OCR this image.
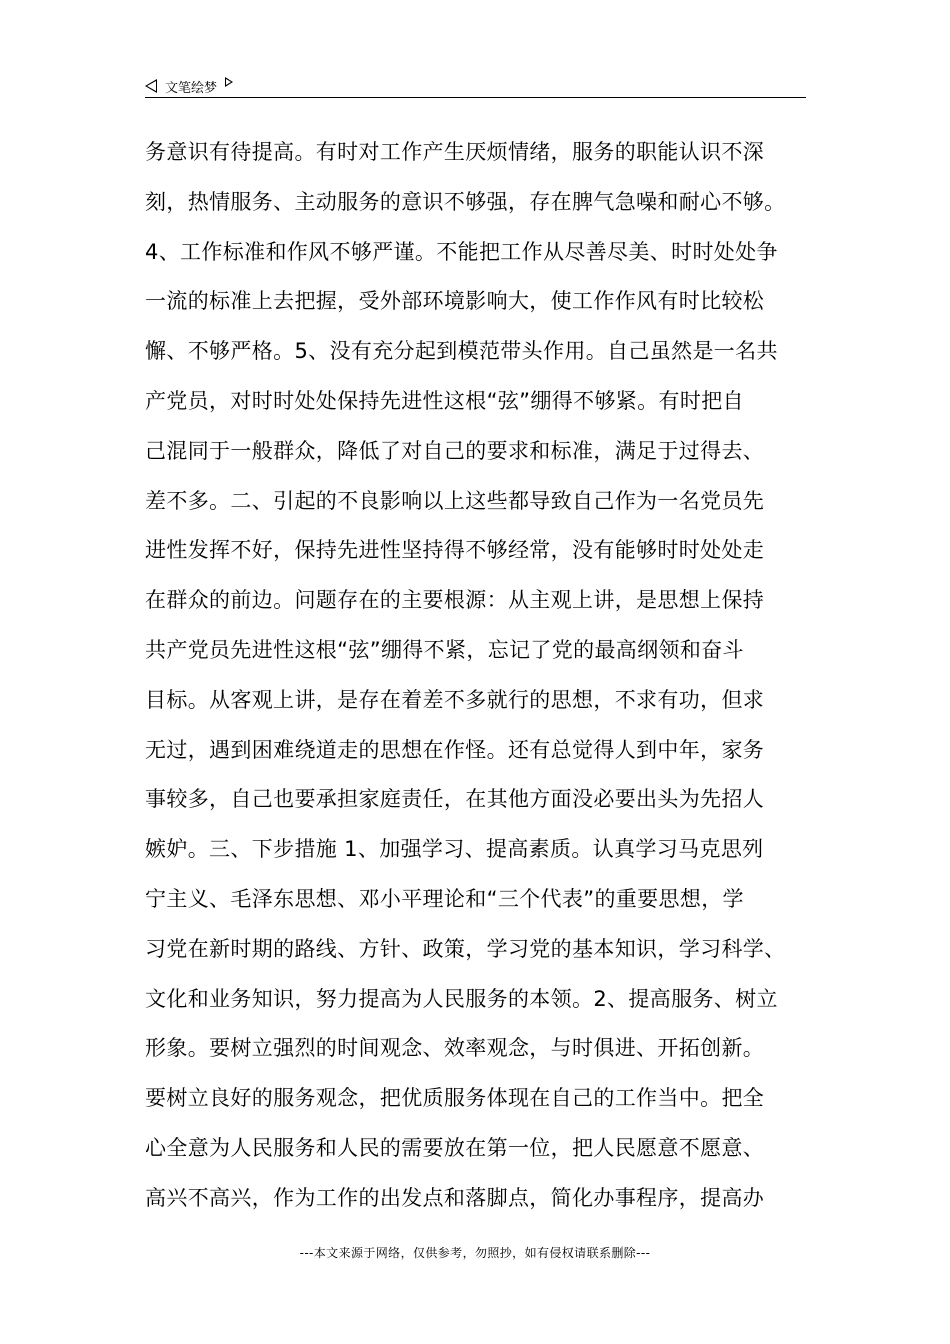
文笔绘梦
务意识有待提高。有时对工作产生厌烦情绪，服务的职能认识不深
刻，热情服务、主动服务的意识不够强，存在脾气急噪和耐心不够。
4、工作标准和作风不够严谨。不能把工作从尽善尽美、时时处处争
一流的标准上去把握，受外部环境影响大，使工作作风有时比较松
懈、不够严格。5、没有充分起到模范带头作用。自己虽然是一名共
产党员，对时时处处保持先进性这根“弦”绷得不够紧。有时把自
己混同于一般群众，降低了对自己的要求和标准，满足于过得去、
差不多。二、引起的不良影响以上这些都导致自己作为一名党员先
进性发挥不好，保持先进性坚持得不够经常，没有能够时时处处走
在群众的前边。问题存在的主要根源：从主观上讲，是思想上保持
共产党员先进性这根“弦”绷得不紧，忘记了党的最高纲领和奋斗
目标。从客观上讲，是存在着差不多就行的思想，不求有功，但求
无过，遇到困难绕道走的思想在作怪。还有总觉得人到中年，家务
事较多，自己也要承担家庭责任，在其他方面没必要出头为先招人
嫉妒。三、下步措施 1、加强学习、提高素质。认真学习马克思列
宁主义、毛泽东思想、邓小平理论和“三个代表”的重要思想，学
习党在新时期的路线、方针、政策，学习党的基本知识，学习科学、
文化和业务知识，努力提高为人民服务的本领。2、提高服务、树立
形象。要树立强烈的时间观念、效率观念，与时俱进、开拓创新。
要树立良好的服务观念，把优质服务体现在自己的工作当中。把全
心全意为人民服务和人民的需要放在第一位，把人民愿意不愿意、
高兴不高兴，作为工作的出发点和落脚点，简化办事程序，提高办
---本文来源于网络，仅供参考，勿照抄，如有侵权请联系删除---
